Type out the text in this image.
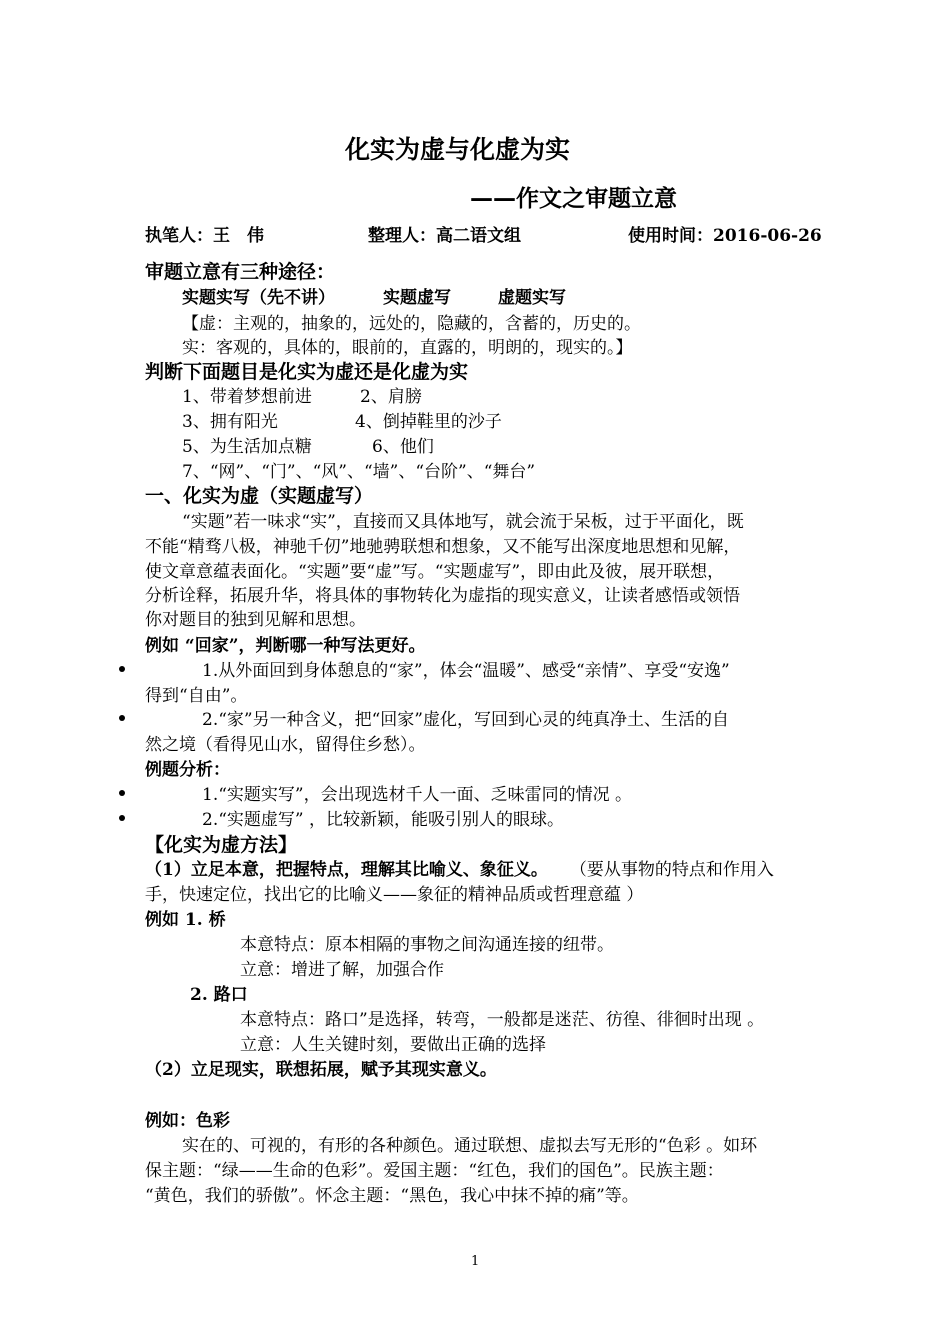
化实为虚与化虚为实
——作文之审题立意
执笔人：王　伟	整理人：高二语文组	使用时间：2016-06-26
审题立意有三种途径：
实题实写（先不讲）	实题虚写	虚题实写
【虚：主观的，抽象的，远处的，隐藏的，含蓄的，历史的。
实：客观的，具体的，眼前的，直露的，明朗的，现实的。】
判断下面题目是化实为虚还是化虚为实
1、带着梦想前进	2、肩膀
3、拥有阳光	4、倒掉鞋里的沙子
5、为生活加点糖	6、他们
7、“网”、“门”、“风”、“墙”、“台阶”、“舞台”
一、化实为虚（实题虚写）
“实题”若一味求“实”，直接而又具体地写，就会流于呆板，过于平面化，既
不能“精骛八极，神驰千仞”地驰骋联想和想象，又不能写出深度地思想和见解，
使文章意蕴表面化。“实题”要“虚”写。“实题虚写”，即由此及彼，展开联想，
分析诠释，拓展升华，将具体的事物转化为虚指的现实意义，让读者感悟或领悟
你对题目的独到见解和思想。
例如 “回家”，判断哪一种写法更好。
1.从外面回到身体憩息的“家”，体会“温暖”、感受“亲情”、享受“安逸”
得到“自由”。
2.“家”另一种含义，把“回家”虚化，写回到心灵的纯真净土、生活的自
然之境（看得见山水，留得住乡愁）。
例题分析：
1.“实题实写”，会出现选材千人一面、乏味雷同的情况 。
2.“实题虚写” ，比较新颖，能吸引别人的眼球。
【化实为虚方法】
（1）立足本意，把握特点，理解其比喻义、象征义。 （要从事物的特点和作用入
手，快速定位，找出它的比喻义——象征的精神品质或哲理意蕴 ）
例如 1. 桥
本意特点：原本相隔的事物之间沟通连接的纽带。
立意：增进了解，加强合作
2. 路口
本意特点：路口”是选择，转弯，一般都是迷茫、彷徨、徘徊时出现 。
立意：人生关键时刻，要做出正确的选择
（2）立足现实，联想拓展，赋予其现实意义。
例如：色彩
实在的、可视的，有形的各种颜色。通过联想、虚拟去写无形的“色彩 。如环
保主题：“绿——生命的色彩”。爱国主题：“红色，我们的国色”。民族主题：
“黄色，我们的骄傲”。怀念主题：“黑色，我心中抹不掉的痛”等。
1
